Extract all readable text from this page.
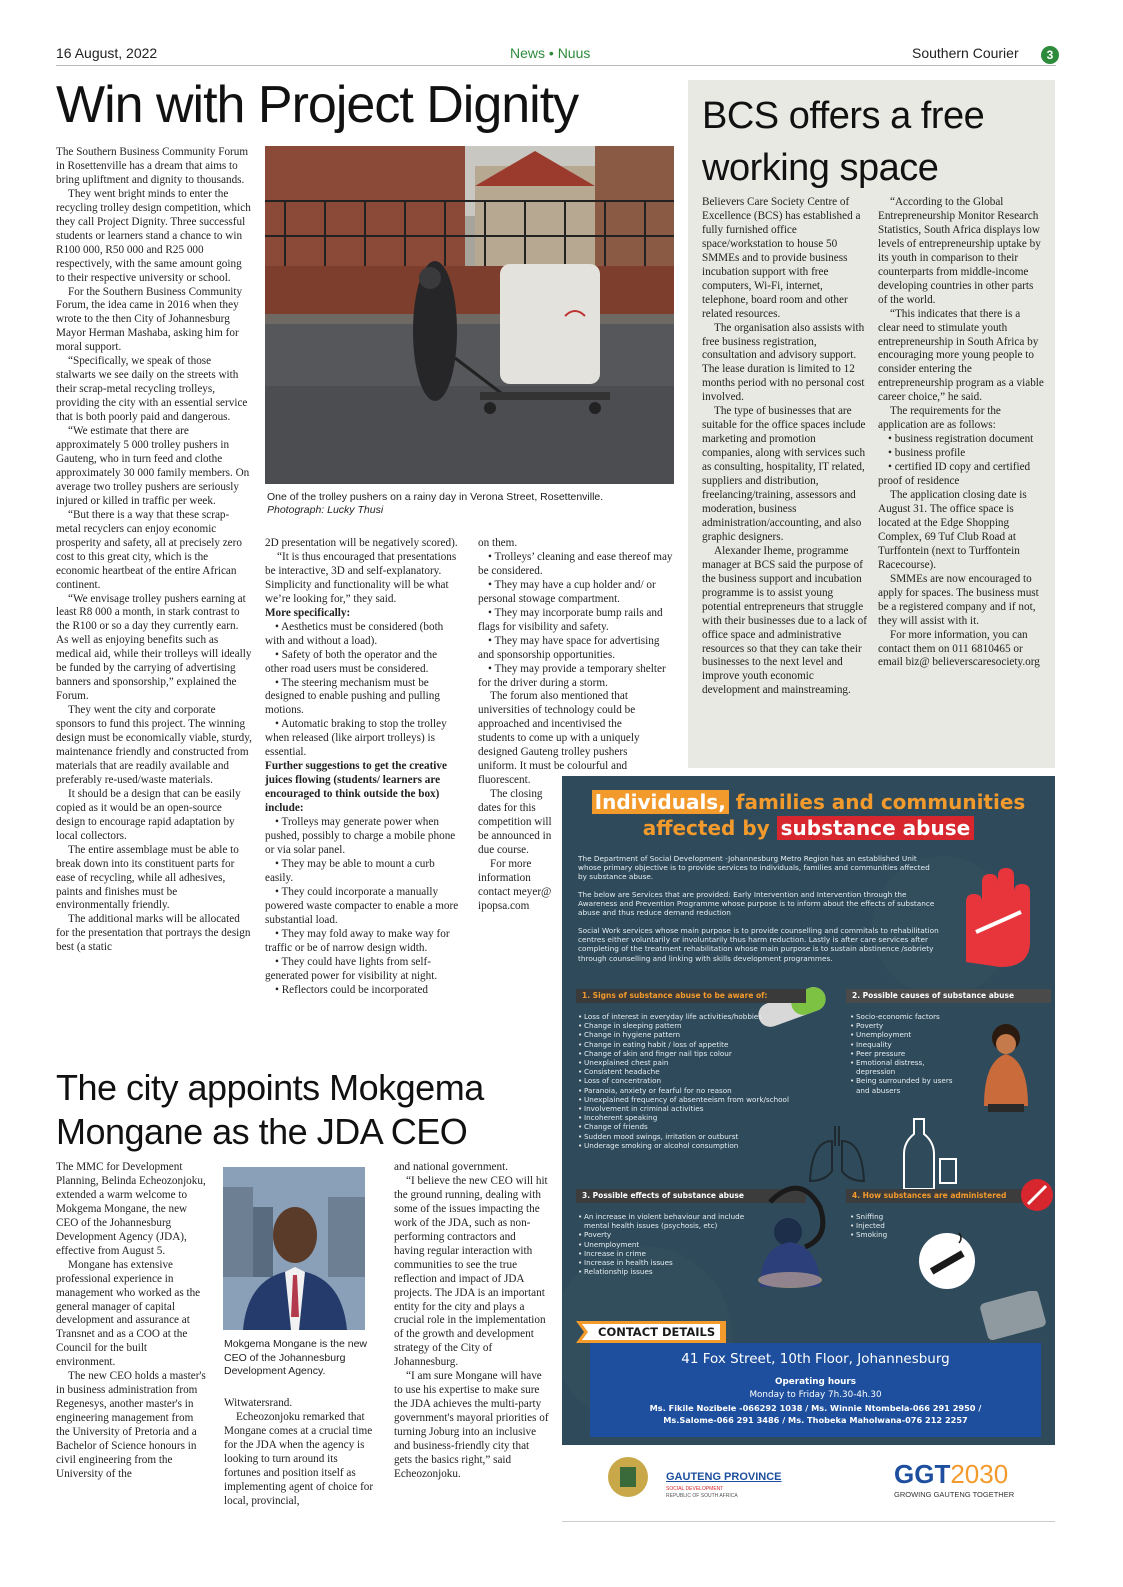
16 August, 2022	News • Nuus	Southern Courier	3
Win with Project Dignity

The Southern Business Community Forum in Rosettenville has a dream that aims to bring upliftment and dignity to thousands.

They went bright minds to enter the recycling trolley design competition, which they call Project Dignity. Three successful students or learners stand a chance to win R100 000, R50 000 and R25 000 respectively, with the same amount going to their respective university or school.

For the Southern Business Community Forum, the idea came in 2016 when they wrote to the then City of Johannesburg Mayor Herman Mashaba, asking him for moral support.

“Specifically, we speak of those stalwarts we see daily on the streets with their scrap-metal recycling trolleys, providing the city with an essential service that is both poorly paid and dangerous.

“We estimate that there are approximately 5 000 trolley pushers in Gauteng, who in turn feed and clothe approximately 30 000 family members. On average two trolley pushers are seriously injured or killed in traffic per week.

“But there is a way that these scrap-metal recyclers can enjoy economic prosperity and safety, all at precisely zero cost to this great city, which is the economic heartbeat of the entire African continent.

“We envisage trolley pushers earning at least R8 000 a month, in stark contrast to the R100 or so a day they currently earn. As well as enjoying benefits such as medical aid, while their trolleys will ideally be funded by the carrying of advertising banners and sponsorship,” explained the Forum.

They went the city and corporate sponsors to fund this project. The winning design must be economically viable, sturdy, maintenance friendly and constructed from materials that are readily available and preferably re-used/waste materials.

It should be a design that can be easily copied as it would be an open-source design to encourage rapid adaptation by local collectors.

The entire assemblage must be able to break down into its constituent parts for ease of recycling, while all adhesives, paints and finishes must be environmentally friendly.

The additional marks will be allocated for the presentation that portrays the design best (a static

One of the trolley pushers on a rainy day in Verona Street, Rosettenville.
Photograph: Lucky Thusi

2D presentation will be negatively scored).

“It is thus encouraged that presentations be interactive, 3D and self-explanatory. Simplicity and functionality will be what we’re looking for,” they said.

More specifically:

• Aesthetics must be considered (both with and without a load).

• Safety of both the operator and the other road users must be considered.

• The steering mechanism must be designed to enable pushing and pulling motions.

• Automatic braking to stop the trolley when released (like airport trolleys) is essential.

Further suggestions to get the creative juices flowing (students/ learners are encouraged to think outside the box) include:

• Trolleys may generate power when pushed, possibly to charge a mobile phone or via solar panel.

• They may be able to mount a curb easily.

• They could incorporate a manually powered waste compacter to enable a more substantial load.

• They may fold away to make way for traffic or be of narrow design width.

• They could have lights from self-generated power for visibility at night.

• Reflectors could be incorporated

on them.

• Trolleys’ cleaning and ease thereof may be considered.

• They may have a cup holder and/ or personal stowage compartment.

• They may incorporate bump rails and flags for visibility and safety.

• They may have space for advertising and sponsorship opportunities.

• They may provide a temporary shelter for the driver during a storm.

The forum also mentioned that universities of technology could be approached and incentivised the students to come up with a uniquely designed Gauteng trolley pushers uniform. It must be colourful and fluorescent.

The closing dates for this competition will be announced in due course.

For more information contact meyer@ ipopsa.com

BCS offers a free working space

Believers Care Society Centre of Excellence (BCS) has established a fully furnished office space/workstation to house 50 SMMEs and to provide business incubation support with free computers, Wi-Fi, internet, telephone, board room and other related resources.

The organisation also assists with free business registration, consultation and advisory support. The lease duration is limited to 12 months period with no personal cost involved.

The type of businesses that are suitable for the office spaces include marketing and promotion companies, along with services such as consulting, hospitality, IT related, suppliers and distribution, freelancing/training, assessors and moderation, business administration/accounting, and also graphic designers.

Alexander Iheme, programme manager at BCS said the purpose of the business support and incubation programme is to assist young potential entrepreneurs that struggle with their businesses due to a lack of office space and administrative resources so that they can take their businesses to the next level and improve youth economic development and mainstreaming.

“According to the Global Entrepreneurship Monitor Research Statistics, South Africa displays low levels of entrepreneurship uptake by its youth in comparison to their counterparts from middle-income developing countries in other parts of the world.

“This indicates that there is a clear need to stimulate youth entrepreneurship in South Africa by encouraging more young people to consider entering the entrepreneurship program as a viable career choice,” he said.

The requirements for the application are as follows:

• business registration document

• business profile

• certified ID copy and certified proof of residence

The application closing date is August 31. The office space is located at the Edge Shopping Complex, 69 Tuf Club Road at Turffontein (next to Turffontein Racecourse).

SMMEs are now encouraged to apply for spaces. The business must be a registered company and if not, they will assist with it.

For more information, you can contact them on 011 6810465 or email biz@ believerscaresociety.org

The city appoints Mokgema Mongane as the JDA CEO

The MMC for Development Planning, Belinda Echeozonjoku, extended a warm welcome to Mokgema Mongane, the new CEO of the Johannesburg Development Agency (JDA), effective from August 5.

Mongane has extensive professional experience in management who worked as the general manager of capital development and assurance at Transnet and as a COO at the Council for the built environment.

The new CEO holds a master's in business administration from Regenesys, another master's in engineering management from the University of Pretoria and a Bachelor of Science honours in civil engineering from the University of the

Mokgema Mongane is the new CEO of the Johannesburg Development Agency.

Witwatersrand.

Echeozonjoku remarked that Mongane comes at a crucial time for the JDA when the agency is looking to turn around its fortunes and position itself as implementing agent of choice for local, provincial,

and national government.

“I believe the new CEO will hit the ground running, dealing with some of the issues impacting the work of the JDA, such as non-performing contractors and having regular interaction with communities to see the true reflection and impact of JDA projects. The JDA is an important entity for the city and plays a crucial role in the implementation of the growth and development strategy of the City of Johannesburg.

“I am sure Mongane will have to use his expertise to make sure the JDA achieves the multi-party government's mayoral priorities of turning Joburg into an inclusive and business-friendly city that gets the basics right,” said Echeozonjoku.

Individuals, families and communities
affected by substance abuse
The Department of Social Development -Johannesburg Metro Region has an established Unit whose primary objective is to provide services to individuals, families and communities affected by substance abuse.
The below are Services that are provided: Early Intervention and Intervention through the Awareness and Prevention Programme whose purpose is to inform about the effects of substance abuse and thus reduce demand reduction
Social Work services whose main purpose is to provide counselling and commitals to rehabilitation centres either voluntarily or involuntarily thus harm reduction. Lastly is after care services after completing of the treatment rehabilitation whose main purpose is to sustain abstinence /sobriety through counselling and linking with skills development programmes.
1. Signs of substance abuse to be aware of:	2. Possible causes of substance abuse
• Loss of interest in everyday life activities/hobbies
• Change in sleeping pattern
• Change in hygiene pattern
• Change in eating habit / loss of appetite
• Change of skin and finger nail tips colour
• Unexplained chest pain
• Consistent headache
• Loss of concentration
• Paranoia, anxiety or fearful for no reason
• Unexplained frequency of absenteeism from work/school
• Involvement in criminal activities
• Incoherent speaking
• Change of friends
• Sudden mood swings, irritation or outburst
• Underage smoking or alcohol consumption
• Socio-economic factors
• Poverty
• Unemployment
• Inequality
• Peer pressure
• Emotional distress, depression
• Being surrounded by users and abusers
3. Possible effects of substance abuse	4. How substances are administered
• An increase in violent behaviour and include mental health issues (psychosis, etc)
• Poverty
• Unemployment
• Increase in crime
• Increase in health issues
• Relationship issues
• Sniffing
• Injected
• Smoking
CONTACT DETAILS
41 Fox Street, 10th Floor, Johannesburg
Operating hours
Monday to Friday 7h.30-4h.30
Ms. Fikile Nozibele -066292 1038 / Ms. Winnie Ntombela-066 291 2950 /
Ms.Salome-066 291 3486 / Ms. Thobeka Maholwana-076 212 2257
GAUTENG PROVINCE
SOCIAL DEVELOPMENT
REPUBLIC OF SOUTH AFRICA
GGT2030
GROWING GAUTENG TOGETHER
